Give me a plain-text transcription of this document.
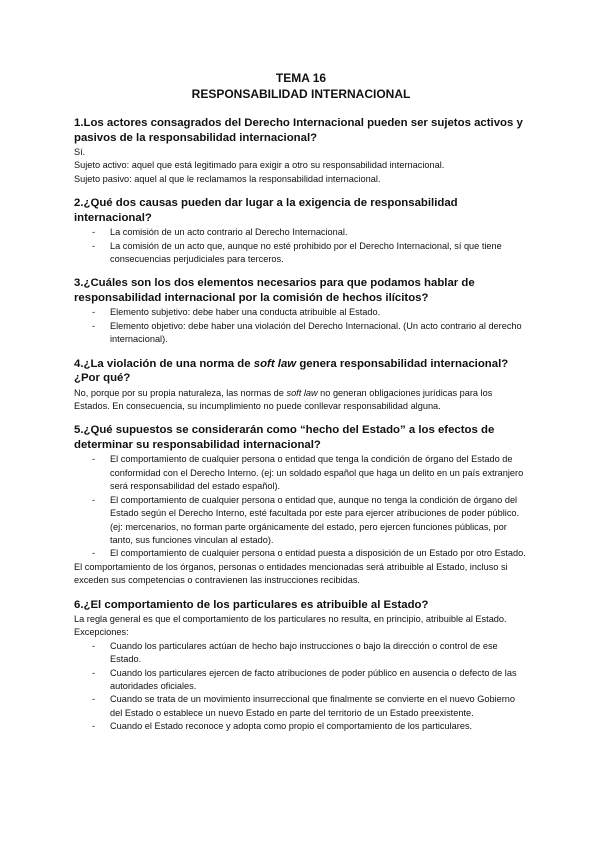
TEMA 16

RESPONSABILIDAD INTERNACIONAL

1.Los actores consagrados del Derecho Internacional pueden ser sujetos activos y pasivos de la responsabilidad internacional?

Sí.

Sujeto activo: aquel que está legitimado para exigir a otro su responsabilidad internacional.

Sujeto pasivo: aquel al que le reclamamos la responsabilidad internacional.

2.¿Qué dos causas pueden dar lugar a la exigencia de responsabilidad internacional?
- La comisión de un acto contrario al Derecho Internacional.
- La comisión de un acto que, aunque no esté prohibido por el Derecho Internacional, sí que tiene consecuencias perjudiciales para terceros.
3.¿Cuáles son los dos elementos necesarios para que podamos hablar de responsabilidad internacional por la comisión de hechos ilícitos?
- Elemento subjetivo: debe haber una conducta atribuible al Estado.
- Elemento objetivo: debe haber una violación del Derecho Internacional. (Un acto contrario al derecho internacional).
4.¿La violación de una norma de soft law genera responsabilidad internacional? ¿Por qué?

No, porque por su propia naturaleza, las normas de soft law no generan obligaciones jurídicas para los Estados. En consecuencia, su incumplimiento no puede conllevar responsabilidad alguna.

5.¿Qué supuestos se considerarán como “hecho del Estado” a los efectos de determinar su responsabilidad internacional?
- El comportamiento de cualquier persona o entidad que tenga la condición de órgano del Estado de conformidad con el Derecho Interno. (ej: un soldado español que haga un delito en un país extranjero será responsabilidad del estado español).
- El comportamiento de cualquier persona o entidad que, aunque no tenga la condición de órgano del Estado según el Derecho Interno, esté facultada por este para ejercer atribuciones de poder público. (ej: mercenarios, no forman parte orgánicamente del estado, pero ejercen funciones públicas, por tanto, sus funciones vinculan al estado).
- El comportamiento de cualquier persona o entidad puesta a disposición de un Estado por otro Estado.

El comportamiento de los órganos, personas o entidades mencionadas será atribuible al Estado, incluso si exceden sus competencias o contravienen las instrucciones recibidas.

6.¿El comportamiento de los particulares es atribuible al Estado?

La regla general es que el comportamiento de los particulares no resulta, en principio, atribuible al Estado.

Excepciones:

- Cuando los particulares actúan de hecho bajo instrucciones o bajo la dirección o control de ese Estado.
- Cuando los particulares ejercen de facto atribuciones de poder público en ausencia o defecto de las autoridades oficiales.
- Cuando se trata de un movimiento insurreccional que finalmente se convierte en el nuevo Gobierno del Estado o establece un nuevo Estado en parte del territorio de un Estado preexistente.
- Cuando el Estado reconoce y adopta como propio el comportamiento de los particulares.
